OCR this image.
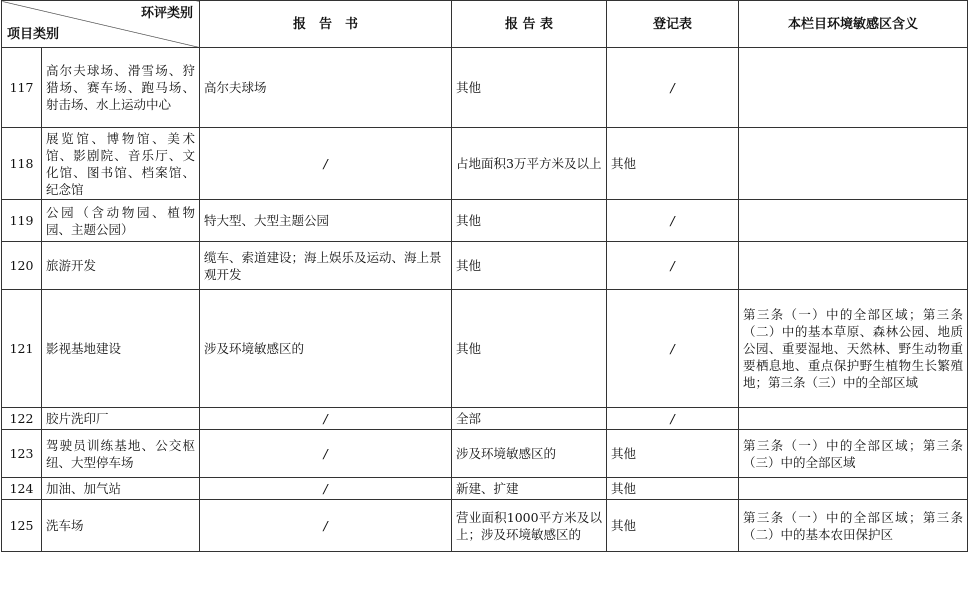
环评类别
项目类别		报　告　书	报 告 表	登记表	本栏目环境敏感区含义
117	高尔夫球场、滑雪场、狩猎场、赛车场、跑马场、射击场、水上运动中心	高尔夫球场	其他	/	
118	展览馆、博物馆、美术馆、影剧院、音乐厅、文化馆、图书馆、档案馆、纪念馆	/	占地面积3万平方米及以上	其他	
119	公园（含动物园、植物园、主题公园）	特大型、大型主题公园	其他	/	
120	旅游开发	缆车、索道建设；海上娱乐及运动、海上景观开发	其他	/	
121	影视基地建设	涉及环境敏感区的	其他	/	第三条（一）中的全部区域；第三条（二）中的基本草原、森林公园、地质公园、重要湿地、天然林、野生动物重要栖息地、重点保护野生植物生长繁殖地；第三条（三）中的全部区域
122	胶片洗印厂	/	全部	/	
123	驾驶员训练基地、公交枢纽、大型停车场	/	涉及环境敏感区的	其他	第三条（一）中的全部区域；第三条（三）中的全部区域
124	加油、加气站	/	新建、扩建	其他	
125	洗车场	/	营业面积1000平方米及以上；涉及环境敏感区的	其他	第三条（一）中的全部区域；第三条（二）中的基本农田保护区
